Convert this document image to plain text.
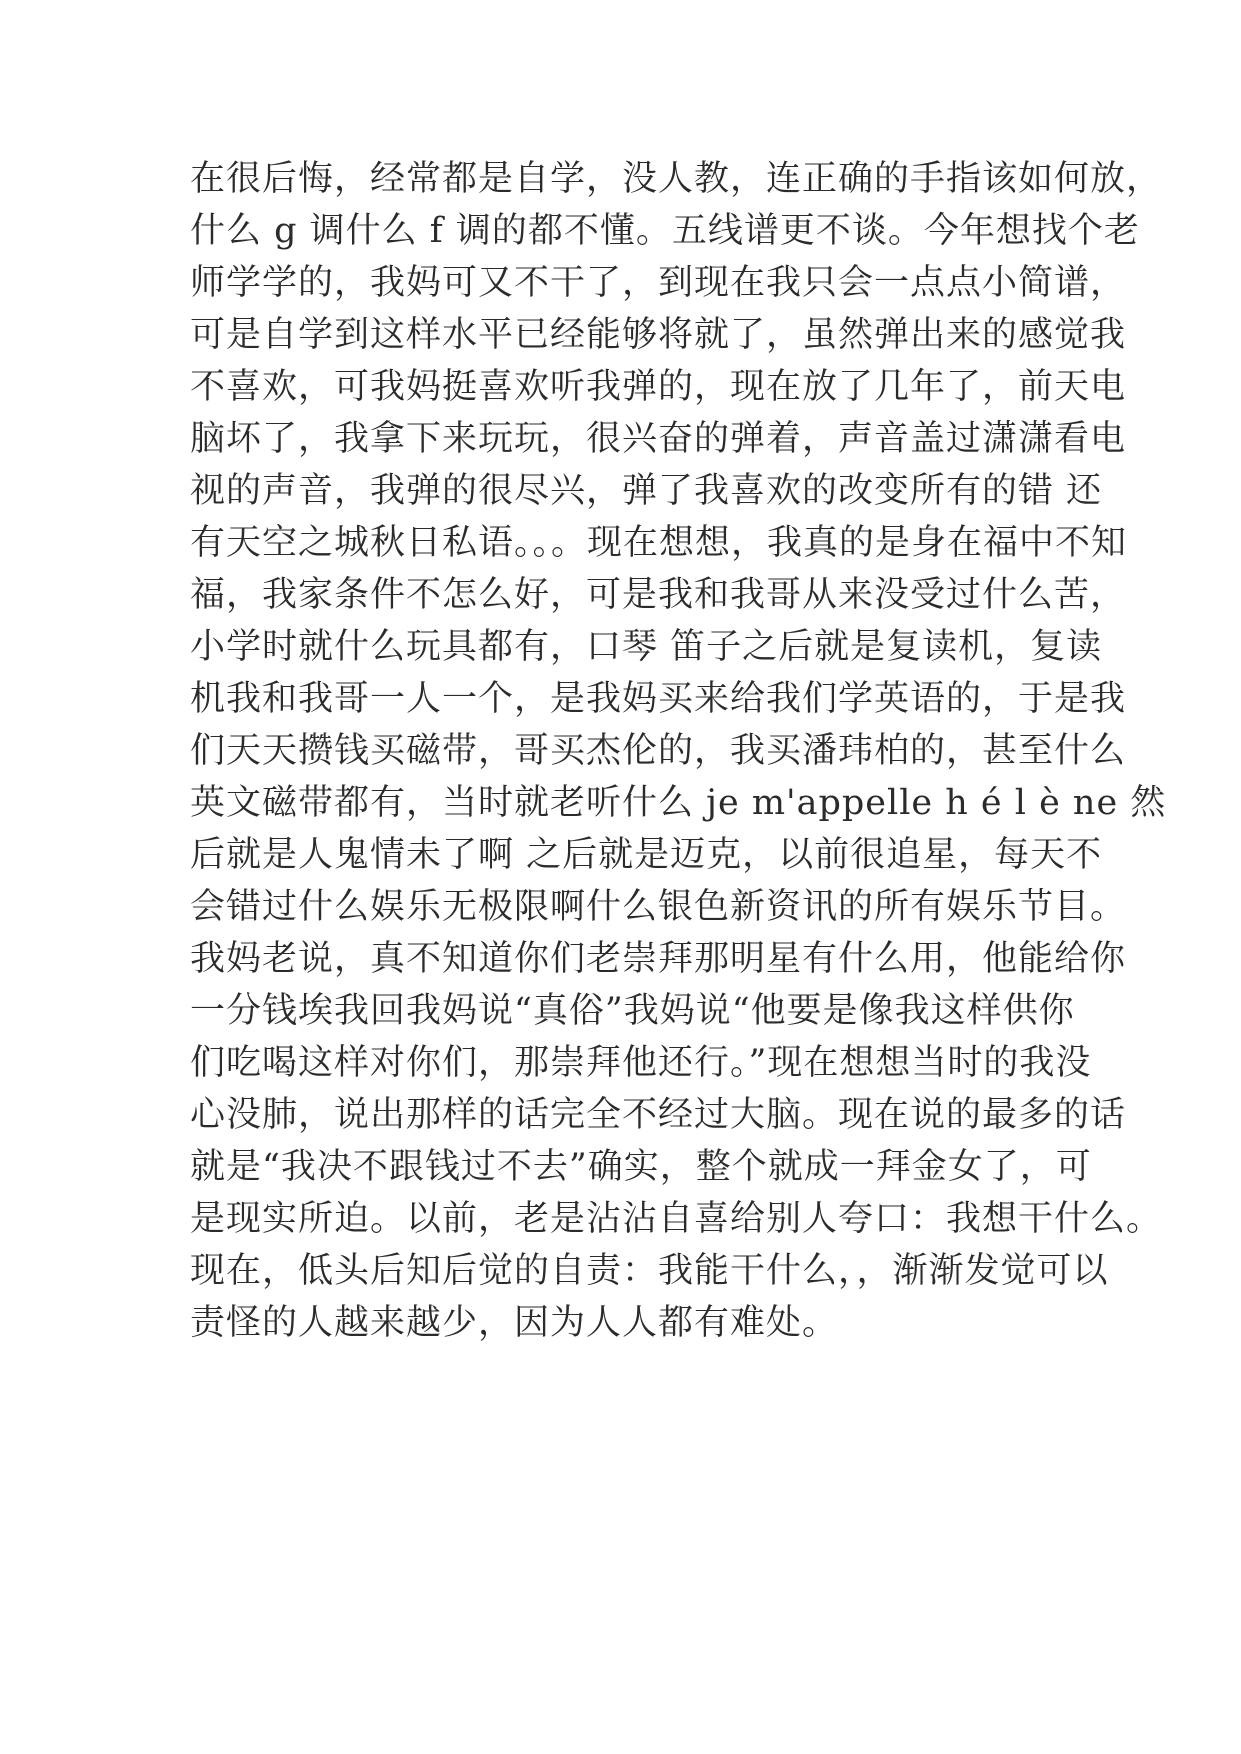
在很后悔，经常都是自学，没人教，连正确的手指该如何放，
什么 g 调什么 f 调的都不懂。五线谱更不谈。今年想找个老
师学学的，我妈可又不干了，到现在我只会一点点小简谱，
可是自学到这样水平已经能够将就了，虽然弹出来的感觉我
不喜欢，可我妈挺喜欢听我弹的，现在放了几年了，前天电
脑坏了，我拿下来玩玩，很兴奋的弹着，声音盖过潇潇看电
视的声音，我弹的很尽兴，弹了我喜欢的改变所有的错 还
有天空之城秋日私语。。。现在想想，我真的是身在福中不知
福，我家条件不怎么好，可是我和我哥从来没受过什么苦，
小学时就什么玩具都有，口琴 笛子之后就是复读机，复读
机我和我哥一人一个，是我妈买来给我们学英语的，于是我
们天天攒钱买磁带，哥买杰伦的，我买潘玮柏的，甚至什么
英文磁带都有，当时就老听什么 je m'appelle h é l è ne 然
后就是人鬼情未了啊 之后就是迈克，以前很追星，每天不
会错过什么娱乐无极限啊什么银色新资讯的所有娱乐节目。
我妈老说，真不知道你们老崇拜那明星有什么用，他能给你
一分钱埃我回我妈说“真俗”我妈说“他要是像我这样供你
们吃喝这样对你们，那崇拜他还行。”现在想想当时的我没
心没肺，说出那样的话完全不经过大脑。现在说的最多的话
就是“我决不跟钱过不去”确实，整个就成一拜金女了，可
是现实所迫。以前，老是沾沾自喜给别人夸口：我想干什么。
现在，低头后知后觉的自责：我能干什么，，渐渐发觉可以
责怪的人越来越少，因为人人都有难处。
